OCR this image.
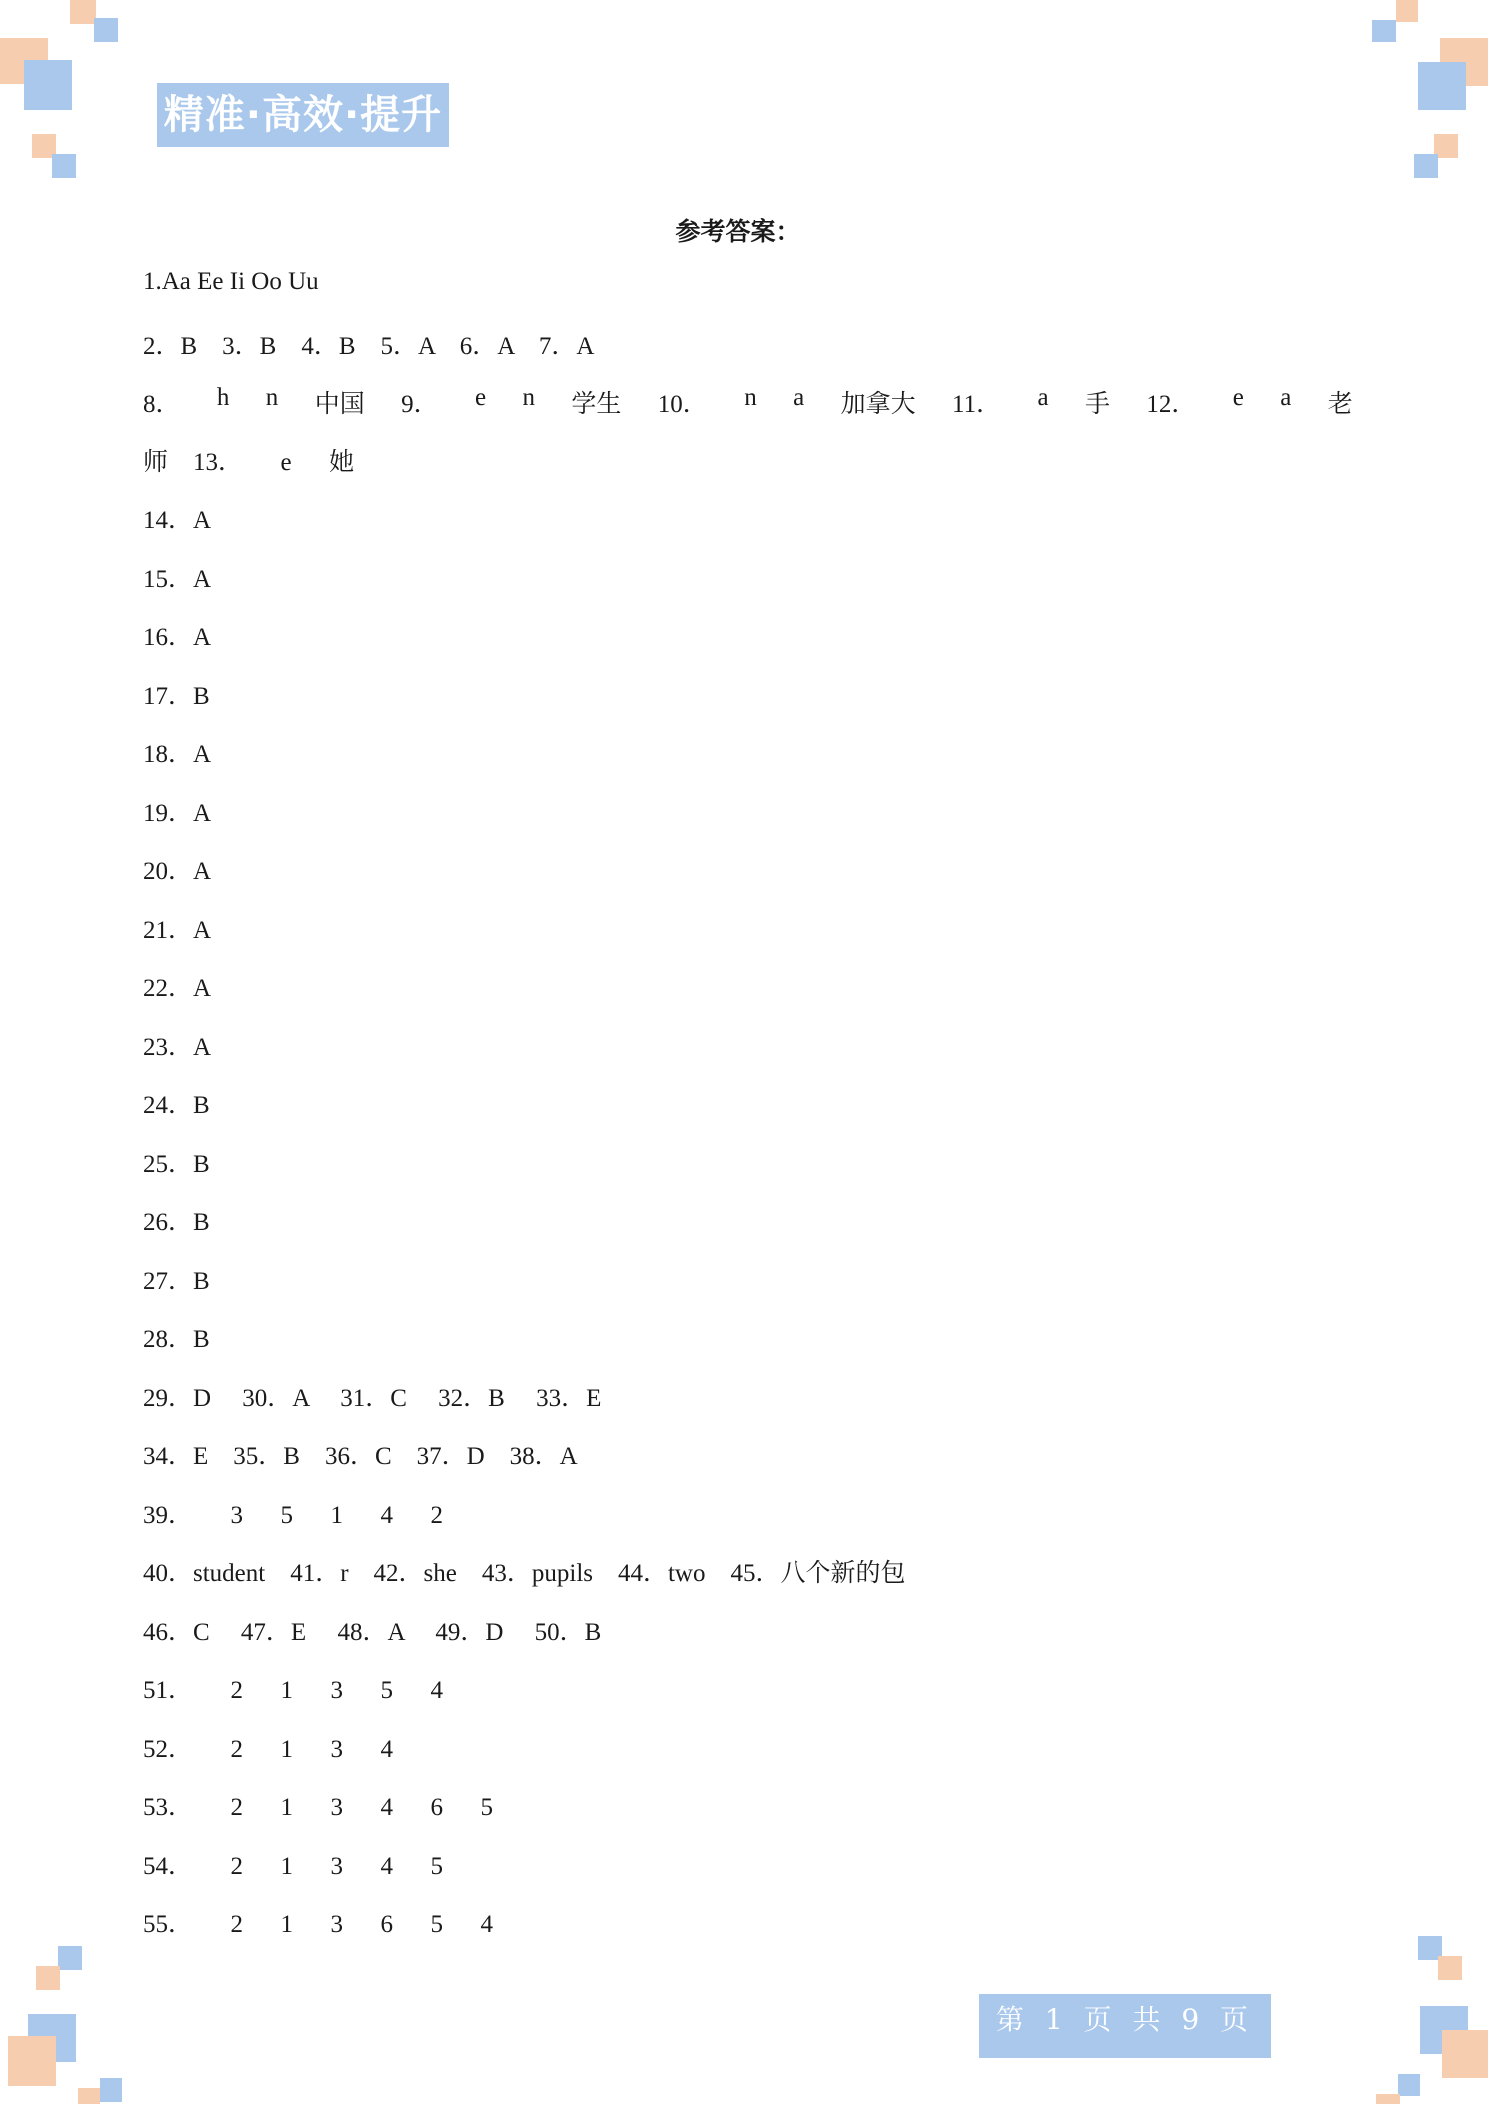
精准·高效·提升
参考答案：
1.Aa Ee Ii Oo Uu
2．B    3．B    4．B    5．A    6．A    7．A
8． h n 中国 9． e n 学生 10． n a 加拿大 11． a 手 12． e a 老
师    13．      e      她
14．A
15．A
16．A
17．B
18．A
19．A
20．A
21．A
22．A
23．A
24．B
25．B
26．B
27．B
28．B
29．D     30．A     31．C     32．B     33．E
34．E    35．B    36．C    37．D    38．A
39．      3      5      1      4      2
40．student    41．r    42．she    43．pupils    44．two    45．八个新的包
46．C     47．E     48．A     49．D     50．B
51．      2      1      3      5      4
52．      2      1      3      4
53．      2      1      3      4      6      5
54．      2      1      3      4      5
55．      2      1      3      6      5      4
第 1 页 共 9 页
